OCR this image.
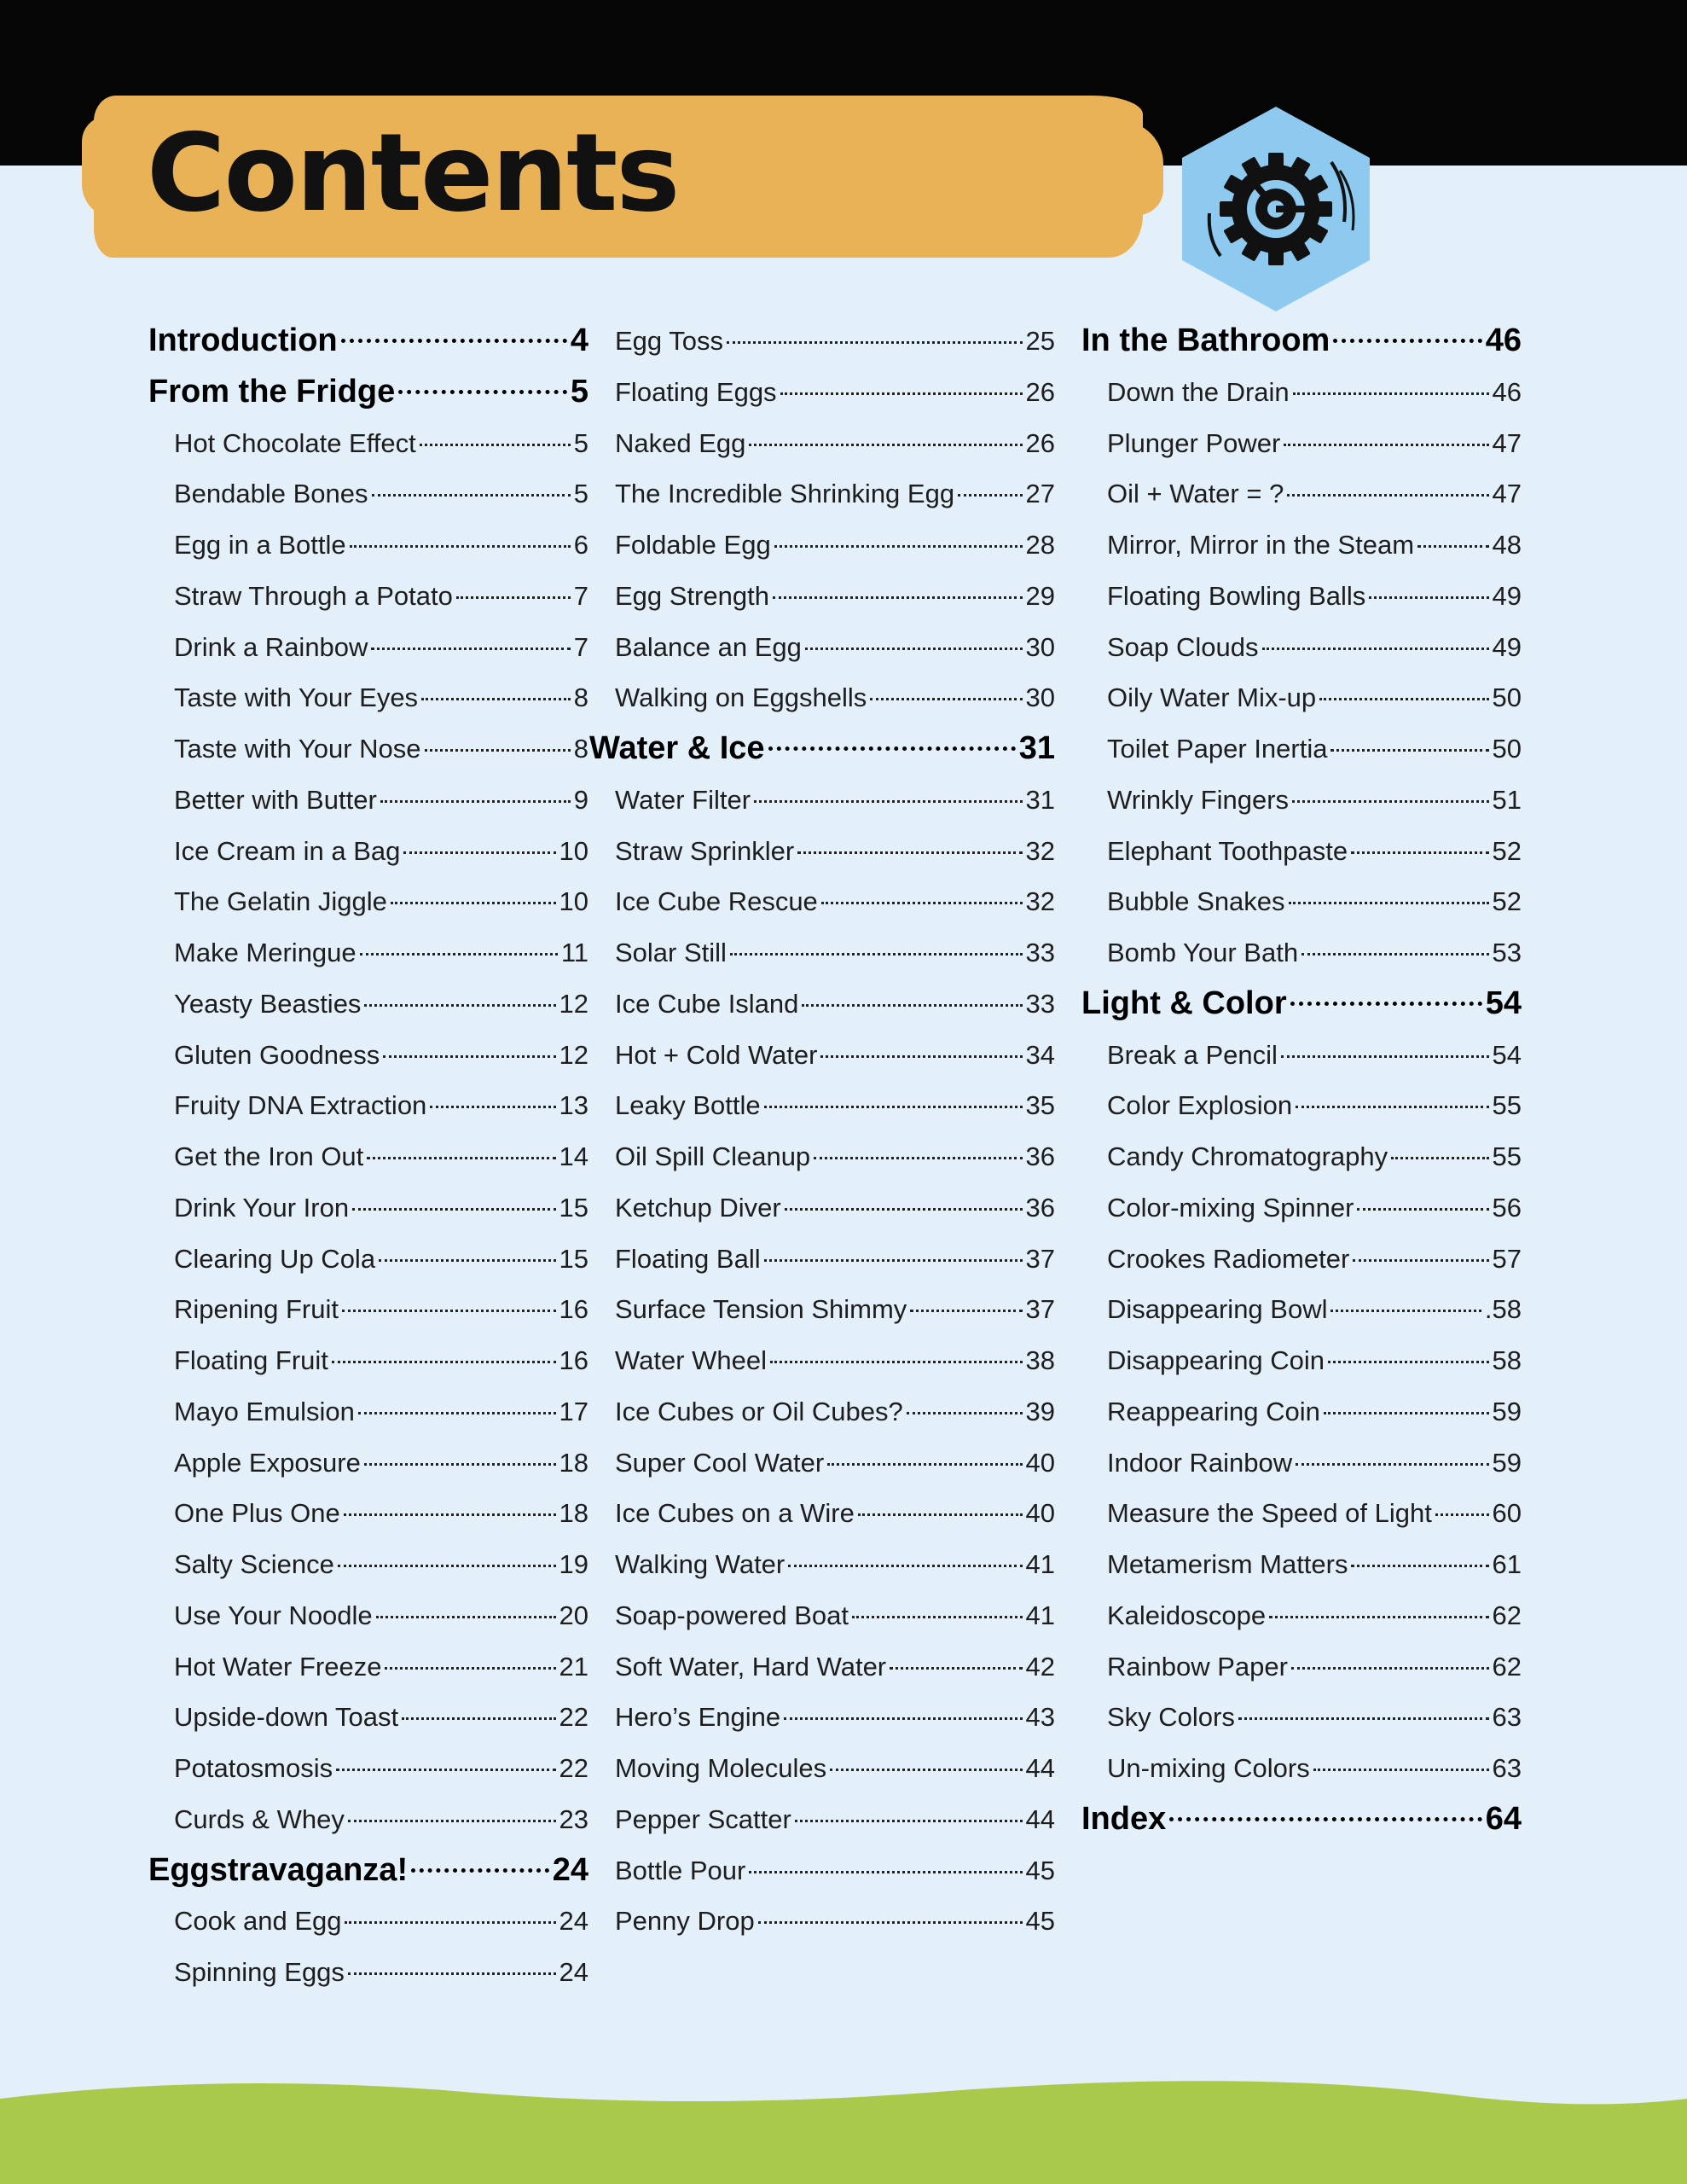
Contents
Introduction	4
From the Fridge	5
Hot Chocolate Effect	5
Bendable Bones	5
Egg in a Bottle	6
Straw Through a Potato	7
Drink a Rainbow	7
Taste with Your Eyes	8
Taste with Your Nose	8
Better with Butter	9
Ice Cream in a Bag	10
The Gelatin Jiggle	10
Make Meringue	11
Yeasty Beasties	12
Gluten Goodness	12
Fruity DNA Extraction	13
Get the Iron Out	14
Drink Your Iron	15
Clearing Up Cola	15
Ripening Fruit	16
Floating Fruit	16
Mayo Emulsion	17
Apple Exposure	18
One Plus One	18
Salty Science	19
Use Your Noodle	20
Hot Water Freeze	21
Upside-down Toast	22
Potatosmosis	22
Curds & Whey	23
Eggstravaganza!	24
Cook and Egg	24
Spinning Eggs	24
Egg Toss	25
Floating Eggs	26
Naked Egg	26
The Incredible Shrinking Egg	27
Foldable Egg	28
Egg Strength	29
Balance an Egg	30
Walking on Eggshells	30
Water & Ice	31
Water Filter	31
Straw Sprinkler	32
Ice Cube Rescue	32
Solar Still	33
Ice Cube Island	33
Hot + Cold Water	34
Leaky Bottle	35
Oil Spill Cleanup	36
Ketchup Diver	36
Floating Ball	37
Surface Tension Shimmy	37
Water Wheel	38
Ice Cubes or Oil Cubes?	39
Super Cool Water	40
Ice Cubes on a Wire	40
Walking Water	41
Soap-powered Boat	41
Soft Water, Hard Water	42
Hero’s Engine	43
Moving Molecules	44
Pepper Scatter	44
Bottle Pour	45
Penny Drop	45
In the Bathroom	46
Down the Drain	46
Plunger Power	47
Oil + Water = ?	47
Mirror, Mirror in the Steam	48
Floating Bowling Balls	49
Soap Clouds	49
Oily Water Mix-up	50
Toilet Paper Inertia	50
Wrinkly Fingers	51
Elephant Toothpaste	52
Bubble Snakes	52
Bomb Your Bath	53
Light & Color	54
Break a Pencil	54
Color Explosion	55
Candy Chromatography	55
Color-mixing Spinner	56
Crookes Radiometer	57
Disappearing Bowl	.58
Disappearing Coin	58
Reappearing Coin	59
Indoor Rainbow	59
Measure the Speed of Light 60
Metamerism Matters	61
Kaleidoscope	62
Rainbow Paper	62
Sky Colors	63
Un-mixing Colors	63
Index	64
